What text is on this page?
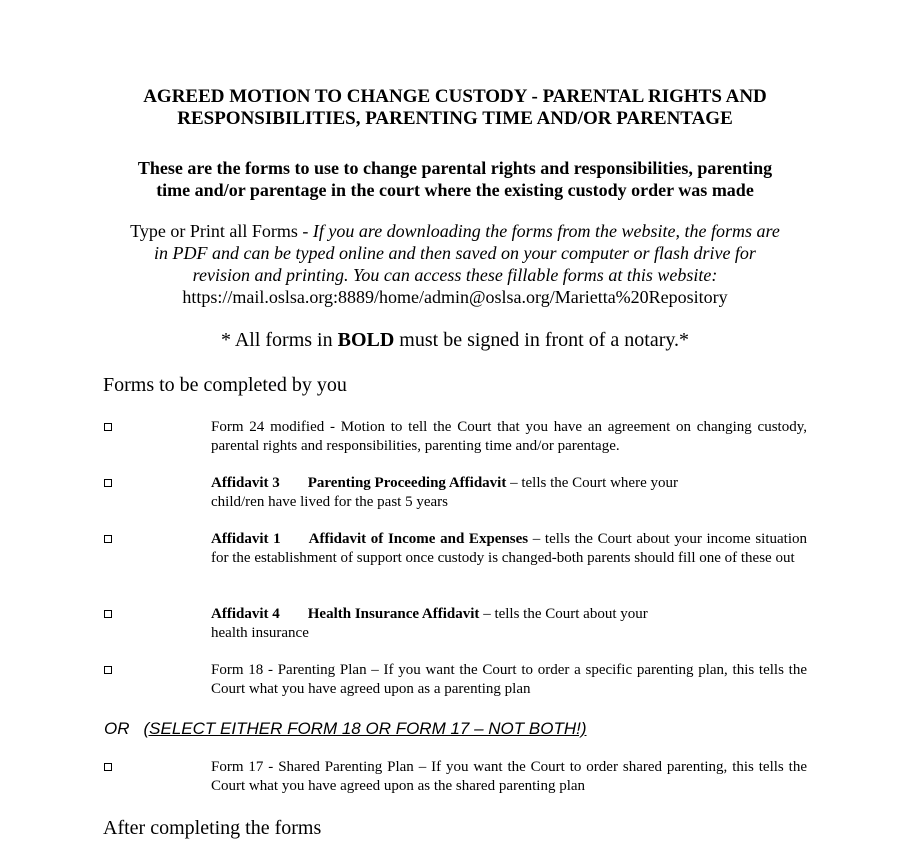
AGREED MOTION TO CHANGE CUSTODY - PARENTAL RIGHTS AND
RESPONSIBILITIES, PARENTING TIME AND/OR PARENTAGE
These are the forms to use to change parental rights and responsibilities, parenting
time and/or parentage in the court where the existing custody order was made
Type or Print all Forms - If you are downloading the forms from the website, the forms are
in PDF and can be typed online and then saved on your computer or flash drive for
revision and printing. You can access these fillable forms at this website:
https://mail.oslsa.org:8889/home/admin@oslsa.org/Marietta%20Repository
* All forms in BOLD must be signed in front of a notary.*
Forms to be completed by you
Form 24 modified - Motion to tell the Court that you have an agreement on changing custody, parental rights and responsibilities, parenting time and/or parentage.
Affidavit 3 Parenting Proceeding Affidavit – tells the Court where your
child/ren have lived for the past 5 years
Affidavit 1 Affidavit of Income and Expenses – tells the Court about your income situation for the establishment of support once custody is changed-both parents should fill one of these out
Affidavit 4 Health Insurance Affidavit – tells the Court about your
health insurance
Form 18 - Parenting Plan – If you want the Court to order a specific parenting plan, this tells the Court what you have agreed upon as a parenting plan
OR (SELECT EITHER FORM 18 OR FORM 17 – NOT BOTH!)
Form 17 - Shared Parenting Plan – If you want the Court to order shared parenting, this tells the Court what you have agreed upon as the shared parenting plan
After completing the forms
